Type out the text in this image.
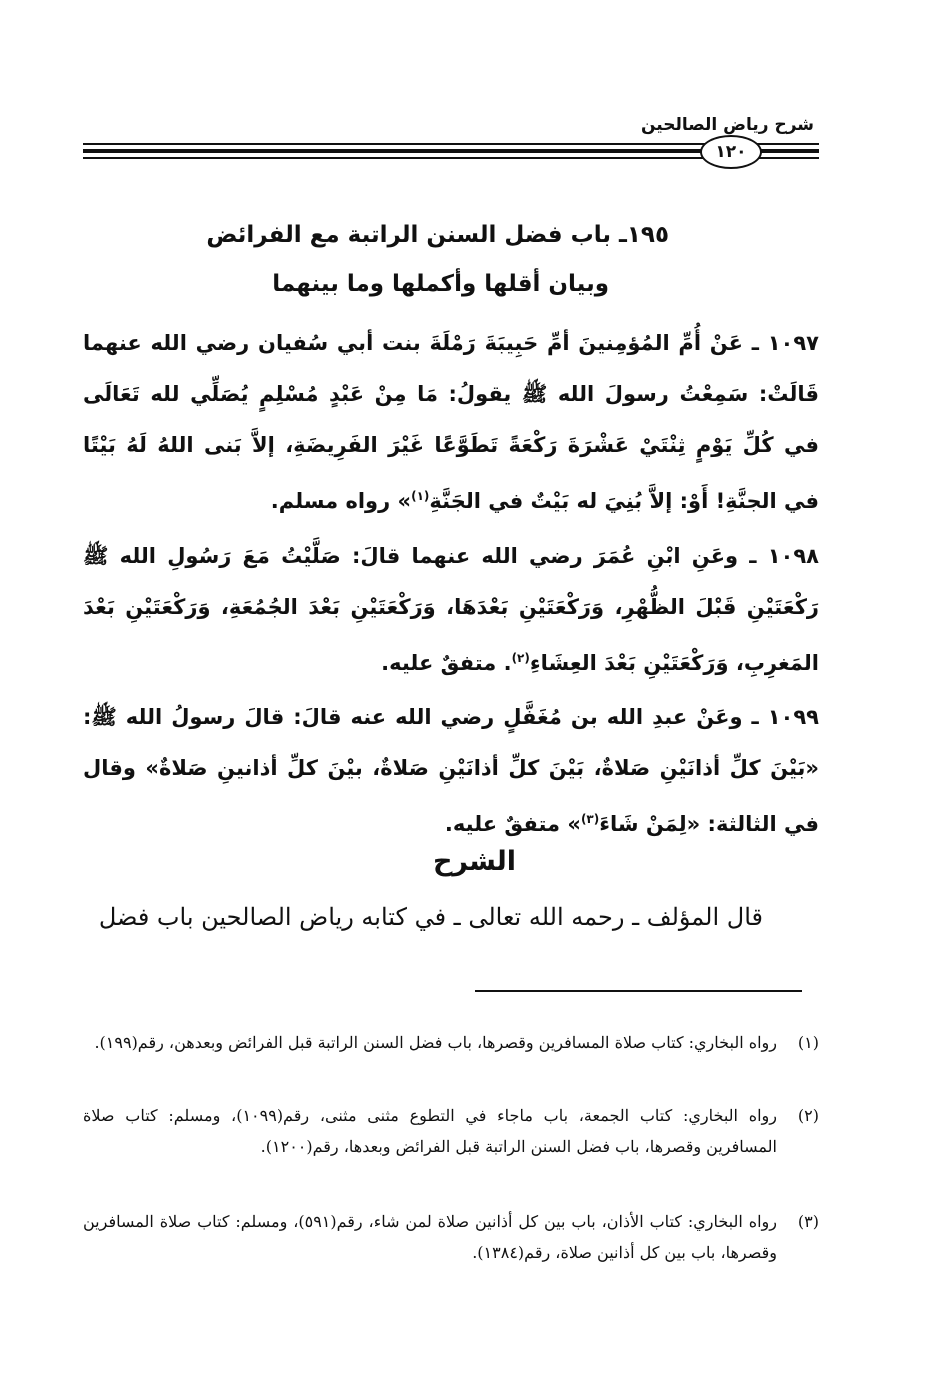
شرح رياض الصالحين
١٢٠
١٩٥ـ باب فضل السنن الراتبة مع الفرائض
وبيان أقلها وأكملها وما بينهما
١٠٩٧ ـ عَنْ أُمِّ المُؤمِنينَ أمِّ حَبِيبَةَ رَمْلَةَ بنت أبي سُفيان رضي الله عنهما قَالَتْ: سَمِعْتُ رسولَ الله ﷺ يقولُ: مَا مِنْ عَبْدٍ مُسْلِمٍ يُصَلِّي لله تَعَالَى في كُلِّ يَوْمٍ ثِنْتَيْ عَشْرَةَ رَكْعَةً تَطَوَّعًا غَيْرَ الفَرِيضَةِ، إلاَّ بَنى اللهُ لَهُ بَيْتًا في الجنَّةِ! أَوْ: إلاَّ بُنِيَ له بَيْتٌ في الجَنَّةِ$^{(١)}$» رواه مسلم.
١٠٩٨ ـ وعَنِ ابْنِ عُمَرَ رضي الله عنهما قالَ: صَلَّيْتُ مَعَ رَسُولِ الله ﷺ رَكْعَتَيْنِ قَبْلَ الظُّهْرِ، وَرَكْعَتَيْنِ بَعْدَهَا، وَرَكْعَتَيْنِ بَعْدَ الجُمُعَةِ، وَرَكْعَتَيْنِ بَعْدَ المَغرِبِ، وَرَكْعَتَيْنِ بَعْدَ العِشَاءِ$^{(٢)}$. متفقٌ عليه.
١٠٩٩ ـ وعَنْ عبدِ الله بن مُغَفَّلٍ رضي الله عنه قالَ: قالَ رسولُ الله ﷺ: «بَيْنَ كلِّ أذانَيْنِ صَلاةٌ، بَيْنَ كلِّ أذانَيْنِ صَلاةٌ، بيْنَ كلِّ أذانينِ صَلاةٌ» وقال في الثالثة: «لِمَنْ شَاءَ$^{(٣)}$» متفقٌ عليه.
الشرح
قال المؤلف ـ رحمه الله تعالى ـ في كتابه رياض الصالحين باب فضل
(١)
رواه البخاري: كتاب صلاة المسافرين وقصرها، باب فضل السنن الراتبة قبل الفرائض وبعدهن، رقم(١٩٩).
(٢)
رواه البخاري: كتاب الجمعة، باب ماجاء في التطوع مثنى مثنى، رقم(١٠٩٩)، ومسلم: كتاب صلاة المسافرين وقصرها، باب فضل السنن الراتبة قبل الفرائض وبعدها، رقم(١٢٠٠).
(٣)
رواه البخاري: كتاب الأذان، باب بين كل أذانين صلاة لمن شاء، رقم(٥٩١)، ومسلم: كتاب صلاة المسافرين وقصرها، باب بين كل أذانين صلاة، رقم(١٣٨٤).
